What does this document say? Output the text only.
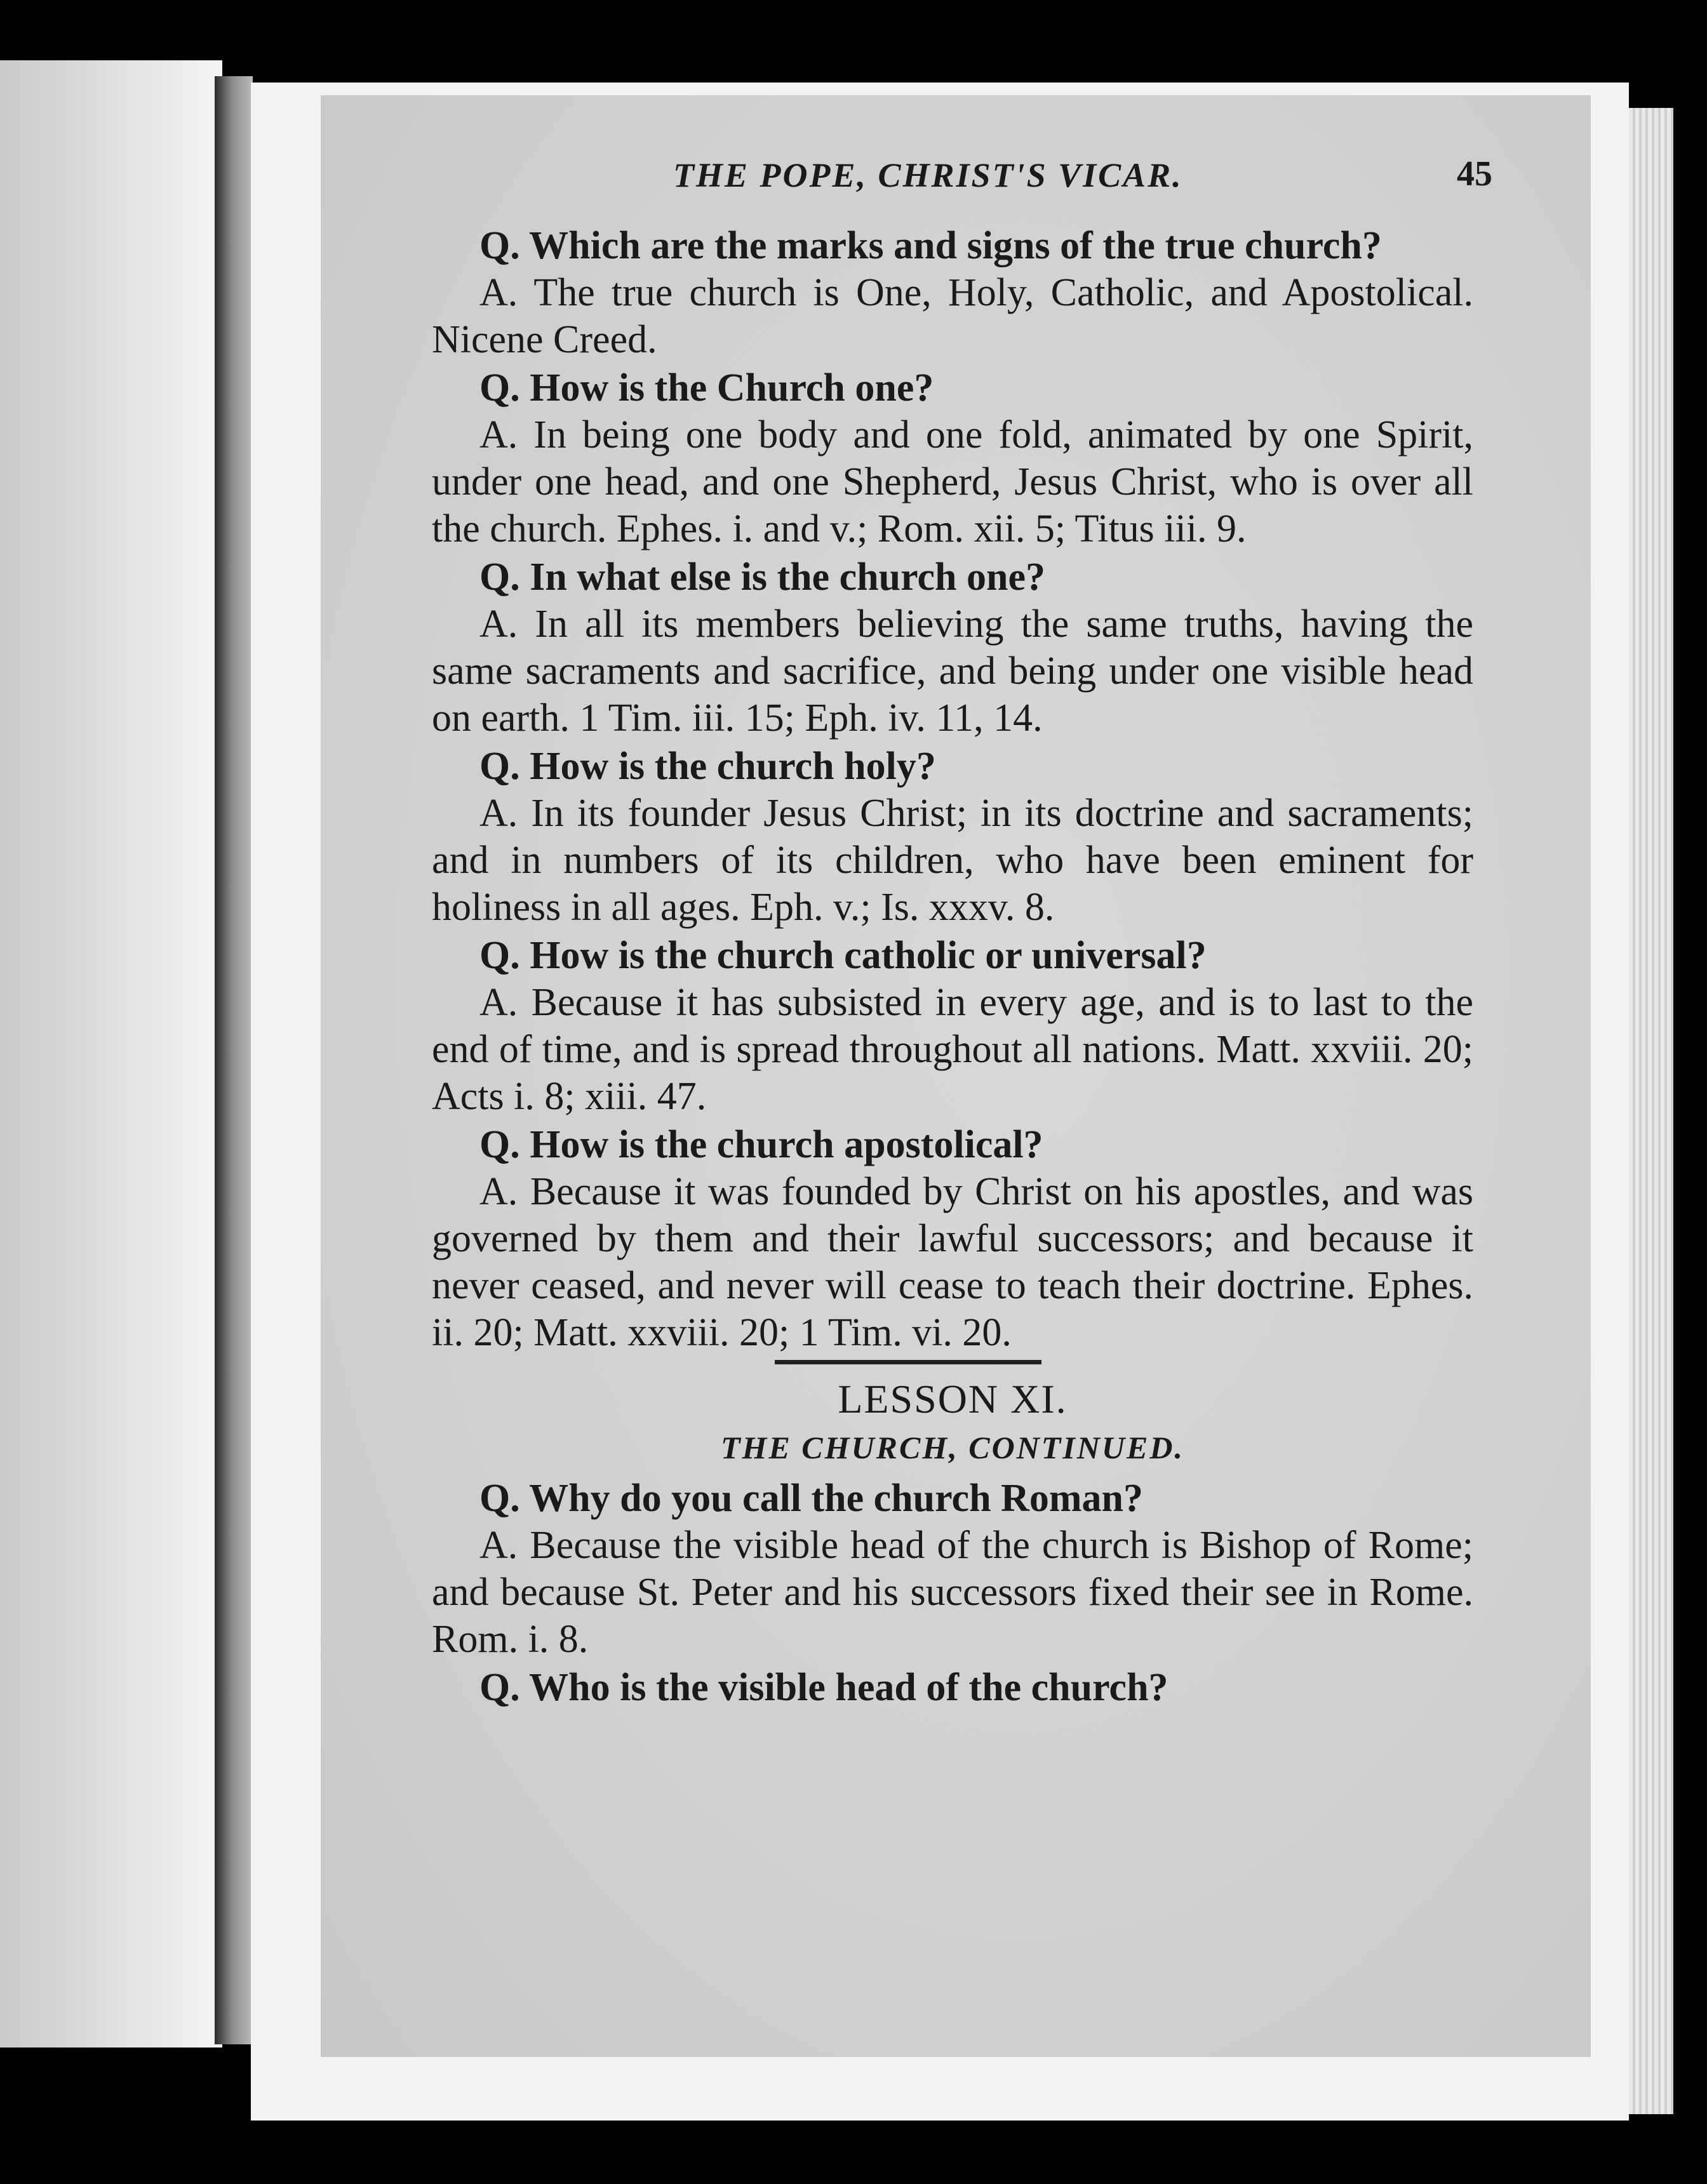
THE POPE, CHRIST'S VICAR.	45

Q. Which are the marks and signs of the true church?

A. The true church is One, Holy, Catholic, and Apostolical. Nicene Creed.

Q. How is the Church one?

A. In being one body and one fold, animated by one Spirit, under one head, and one Shepherd, Jesus Christ, who is over all the church. Ephes. i. and v.; Rom. xii. 5; Titus iii. 9.

Q. In what else is the church one?

A. In all its members believing the same truths, having the same sacraments and sacrifice, and being under one visible head on earth. 1 Tim. iii. 15; Eph. iv. 11, 14.

Q. How is the church holy?

A. In its founder Jesus Christ; in its doctrine and sacraments; and in numbers of its children, who have been eminent for holiness in all ages. Eph. v.; Is. xxxv. 8.

Q. How is the church catholic or universal?

A. Because it has subsisted in every age, and is to last to the end of time, and is spread throughout all nations. Matt. xxviii. 20; Acts i. 8; xiii. 47.

Q. How is the church apostolical?

A. Because it was founded by Christ on his apostles, and was governed by them and their lawful successors; and because it never ceased, and never will cease to teach their doctrine. Ephes. ii. 20; Matt. xxviii. 20; 1 Tim. vi. 20.

LESSON XI.

THE CHURCH, CONTINUED.

Q. Why do you call the church Roman?

A. Because the visible head of the church is Bishop of Rome; and because St. Peter and his successors fixed their see in Rome. Rom. i. 8.

Q. Who is the visible head of the church?
